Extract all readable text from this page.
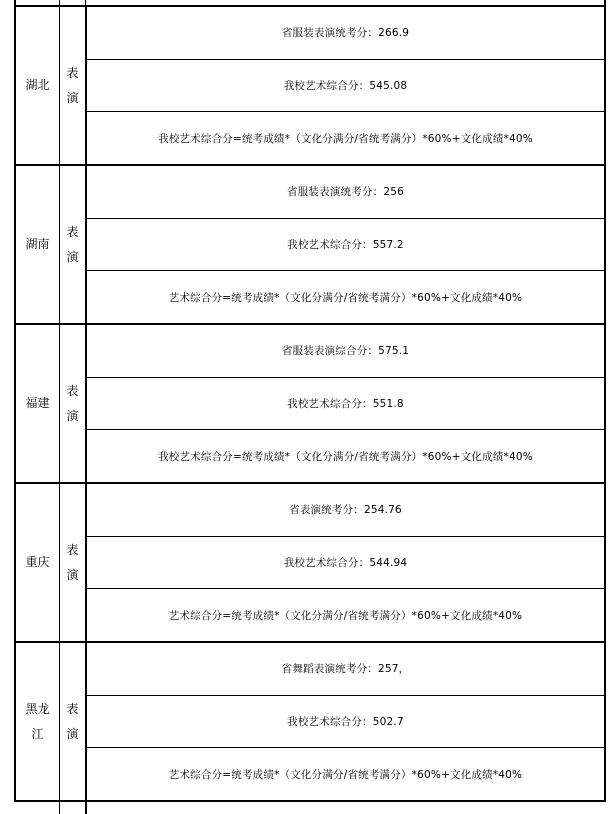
湖北
表演
省服装表演统考分：266.9
我校艺术综合分：545.08
我校艺术综合分=统考成绩*（文化分满分/省统考满分）*60%+文化成绩*40%
湖南
表演
省服装表演统考分：256
我校艺术综合分：557.2
艺术综合分=统考成绩*（文化分满分/省统考满分）*60%+文化成绩*40%
福建
表演
省服装表演综合分：575.1
我校艺术综合分：551.8
我校艺术综合分=统考成绩*（文化分满分/省统考满分）*60%+文化成绩*40%
重庆
表演
省表演统考分：254.76
我校艺术综合分：544.94
艺术综合分=统考成绩*（文化分满分/省统考满分）*60%+文化成绩*40%
黑龙江
表演
省舞蹈表演统考分：257，
我校艺术综合分：502.7
艺术综合分=统考成绩*（文化分满分/省统考满分）*60%+文化成绩*40%
